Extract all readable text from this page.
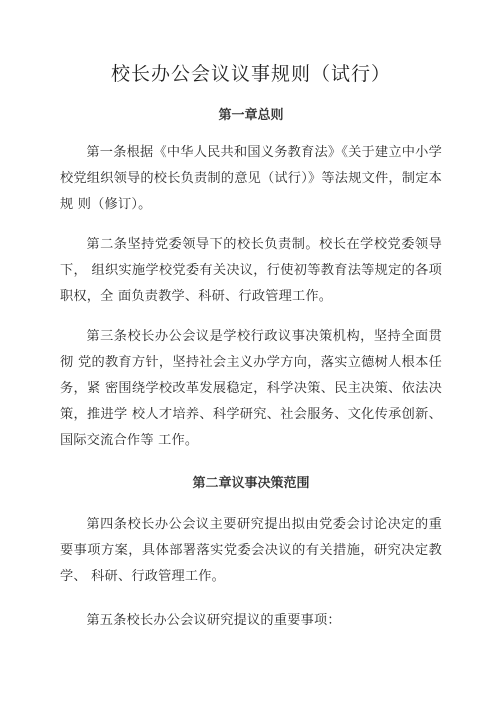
校长办公会议议事规则（试行）
第一章总则

第一条根据《中华人民共和国义务教育法》《关于建立中小学 校党组织领导的校长负责制的意见（试行）》等法规文件，制定本规 则（修订）。

第二条坚持党委领导下的校长负责制。校长在学校党委领导下， 组织实施学校党委有关决议，行使初等教育法等规定的各项职权，全 面负责教学、科研、行政管理工作。

第三条校长办公会议是学校行政议事决策机构，坚持全面贯彻 党的教育方针，坚持社会主义办学方向，落实立德树人根本任务，紧 密围绕学校改革发展稳定，科学决策、民主决策、依法决策，推进学 校人才培养、科学研究、社会服务、文化传承创新、国际交流合作等 工作。

第二章议事决策范围

第四条校长办公会议主要研究提出拟由党委会讨论决定的重 要事项方案，具体部署落实党委会决议的有关措施，研究决定教学、 科研、行政管理工作。

第五条校长办公会议研究提议的重要事项：
